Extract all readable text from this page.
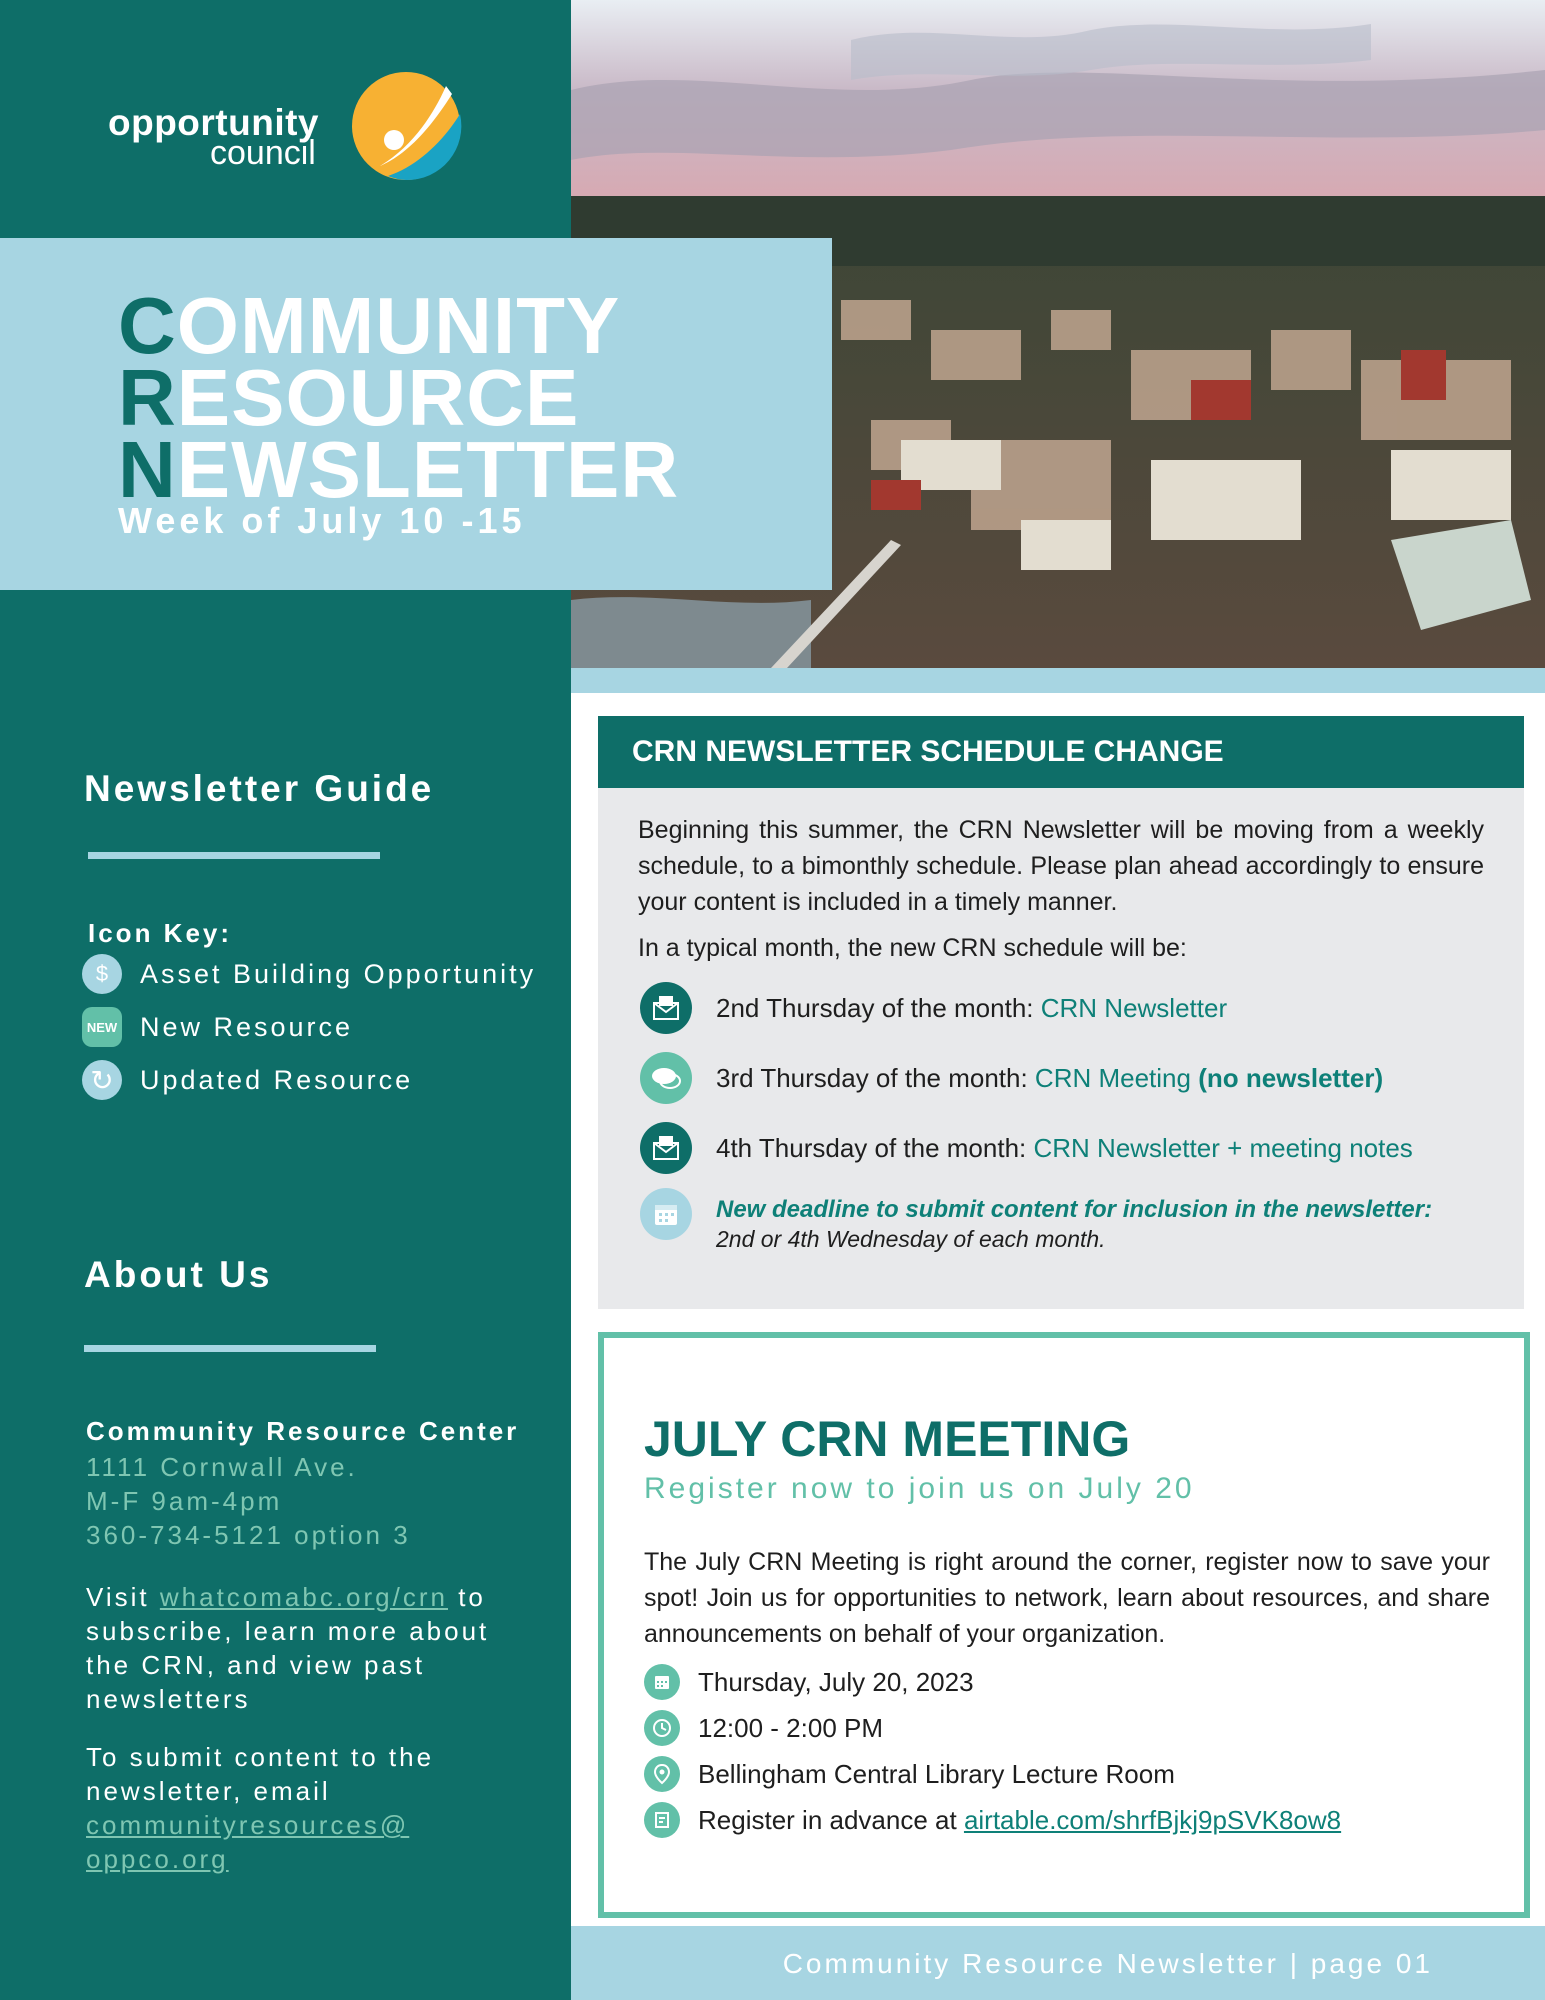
opportunity
council
COMMUNITY
RESOURCE
NEWSLETTER
Week of July 10 -15
Newsletter Guide
Icon Key:
$	Asset Building Opportunity
NEW New Resource
↻ Updated Resource
About Us
Community Resource Center
1111 Cornwall Ave.
M-F 9am-4pm
360-734-5121 option 3
Visit whatcomabc.org/crn to subscribe, learn more about the CRN, and view past newsletters
To submit content to the newsletter, email communityresources@ oppco.org
CRN NEWSLETTER SCHEDULE CHANGE
Beginning this summer, the CRN Newsletter will be moving from a weekly schedule, to a bimonthly schedule. Please plan ahead accordingly to ensure your content is included in a timely manner.
In a typical month, the new CRN schedule will be:
2nd Thursday of the month: CRN Newsletter
3rd Thursday of the month: CRN Meeting (no newsletter)
4th Thursday of the month: CRN Newsletter + meeting notes
New deadline to submit content for inclusion in the newsletter:
2nd or 4th Wednesday of each month.
JULY CRN MEETING
Register now to join us on July 20
The July CRN Meeting is right around the corner, register now to save your spot! Join us for opportunities to network, learn about resources, and share announcements on behalf of your organization.
Thursday, July 20, 2023
12:00 - 2:00 PM
Bellingham Central Library Lecture Room
Register in advance at airtable.com/shrfBjkj9pSVK8ow8
Community Resource Newsletter | page 01
